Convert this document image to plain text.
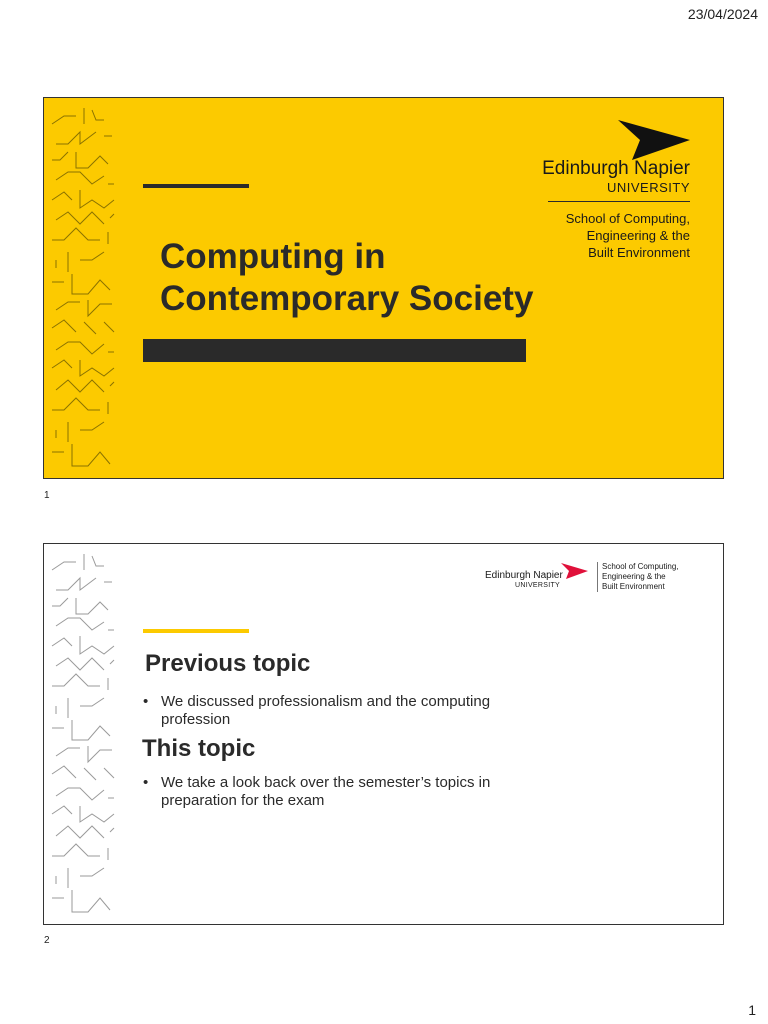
23/04/2024
Computing in
Contemporary Society
Edinburgh Napier
UNIVERSITY
School of Computing,
Engineering & the
Built Environment
1
Edinburgh Napier
UNIVERSITY
School of Computing,
Engineering & the
Built Environment
Previous topic
• We discussed professionalism and the computing
profession
This topic
• We take a look back over the semester’s topics in
preparation for the exam
2
1
